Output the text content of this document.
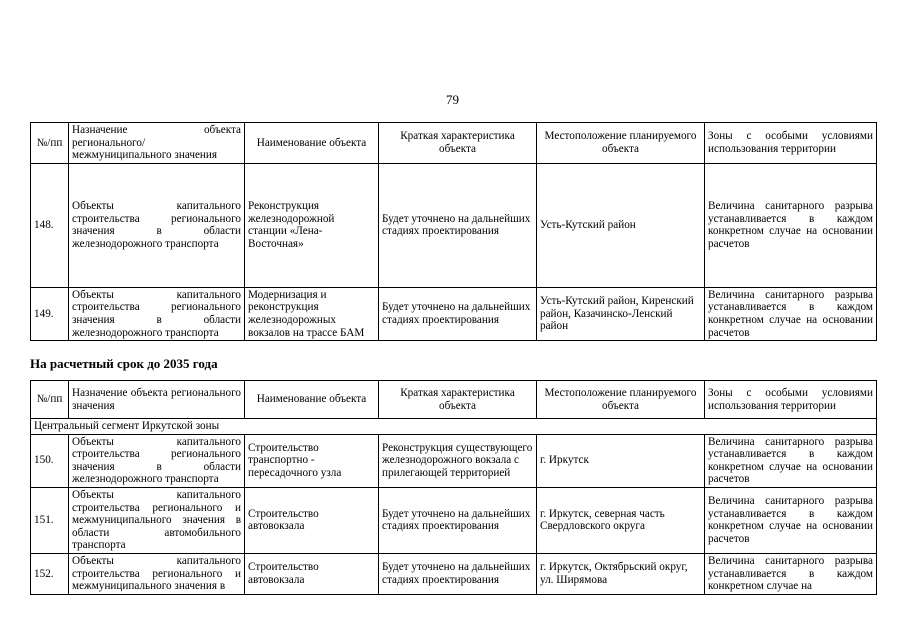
79
№/пп	Назначение объекта регионального/ межмуниципального значения	Наименование объекта	Краткая характеристика объекта	Местоположение планируемого объекта	Зоны с особыми условиями использования территории
148.	Объекты капитального строительства регионального значения в области железнодорожного транспорта	Реконструкция железнодорожной станции «Лена-Восточная»	Будет уточнено на дальнейших стадиях проектирования	Усть-Кутский район	Величина санитарного разрыва устанавливается в каждом конкретном случае на основании расчетов
149.	Объекты капитального строительства регионального значения в области железнодорожного транспорта	Модернизация и реконструкция железнодорожных вокзалов на трассе БАМ	Будет уточнено на дальнейших стадиях проектирования	Усть-Кутский район, Киренский район, Казачинско-Ленский район	Величина санитарного разрыва устанавливается в каждом конкретном случае на основании расчетов
На расчетный срок до 2035 года
№/пп	Назначение объекта регионального значения	Наименование объекта	Краткая характеристика объекта	Местоположение планируемого объекта	Зоны с особыми условиями использования территории
Центральный сегмент Иркутской зоны					
150.	Объекты капитального строительства регионального значения в области железнодорожного транспорта	Строительство транспортно - пересадочного узла	Реконструкция существующего железнодорожного вокзала с прилегающей территорией	г. Иркутск	Величина санитарного разрыва устанавливается в каждом конкретном случае на основании расчетов
151.	Объекты капитального строительства регионального и межмуниципального значения в области автомобильного транспорта	Строительство автовокзала	Будет уточнено на дальнейших стадиях проектирования	г. Иркутск, северная часть Свердловского округа	Величина санитарного разрыва устанавливается в каждом конкретном случае на основании расчетов
152.	Объекты капитального строительства регионального и межмуниципального значения в	Строительство автовокзала	Будет уточнено на дальнейших стадиях проектирования	г. Иркутск, Октябрьский округ, ул. Ширямова	Величина санитарного разрыва устанавливается в каждом конкретном случае на
